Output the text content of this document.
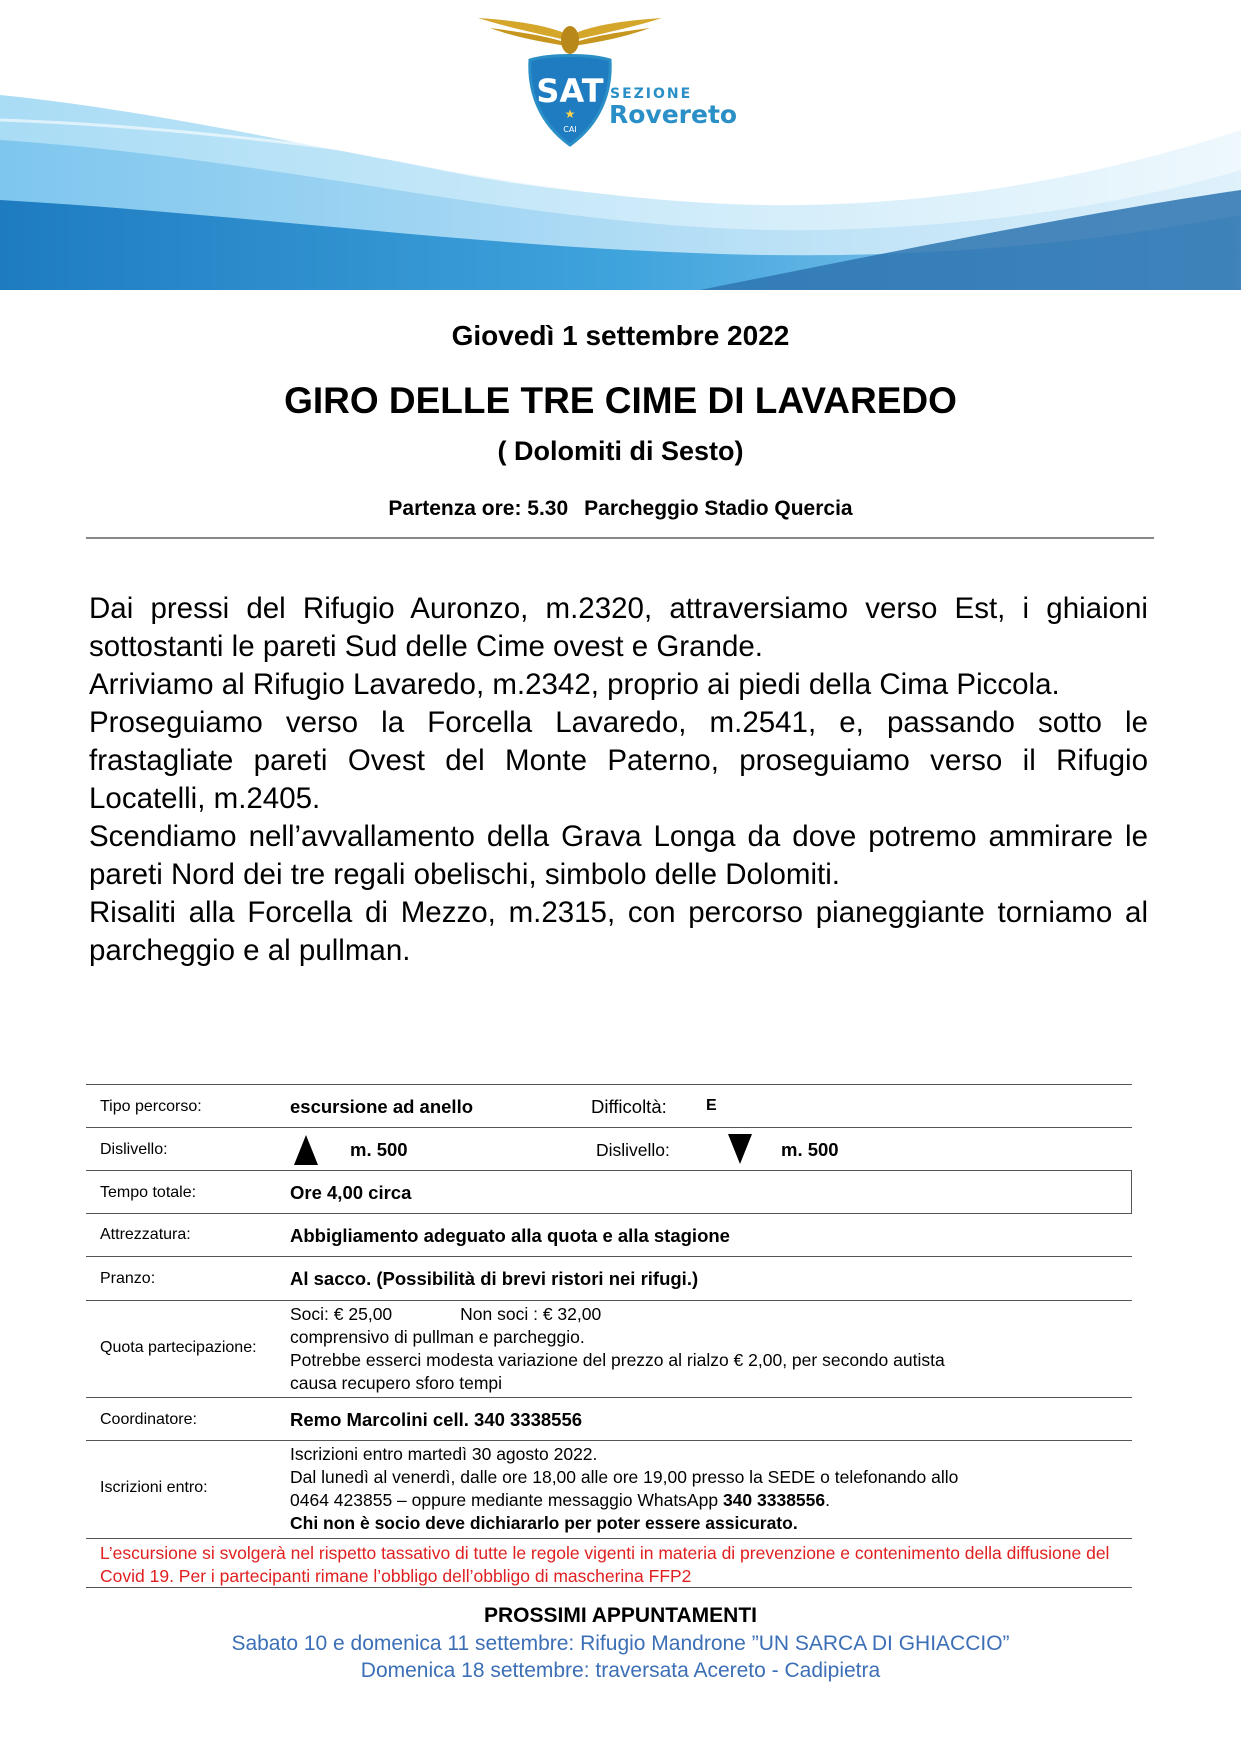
SAT
★
CAI
SEZIONE
Rovereto
Giovedì 1 settembre 2022
GIRO DELLE TRE CIME DI LAVAREDO
( Dolomiti di Sesto)
Partenza ore: 5.30 Parcheggio Stadio Quercia

Dai pressi del Rifugio Auronzo, m.2320, attraversiamo verso Est, i ghiaioni sottostanti le pareti Sud delle Cime ovest e Grande.

Arriviamo al Rifugio Lavaredo, m.2342, proprio ai piedi della Cima Piccola.

Proseguiamo verso la Forcella Lavaredo, m.2541, e, passando sotto le frastagliate pareti Ovest del Monte Paterno, proseguiamo verso il Rifugio Locatelli, m.2405.

Scendiamo nell’avvallamento della Grava Longa da dove potremo ammirare le pareti Nord dei tre regali obelischi, simbolo delle Dolomiti.

Risaliti alla Forcella di Mezzo, m.2315, con percorso pianeggiante torniamo al parcheggio e al pullman.

Tipo percorso:	escursione ad anello	Difficoltà: E
Dislivello:	m. 500	Dislivello:	m. 500
Tempo totale:	Ore 4,00 circa
Attrezzatura:	Abbigliamento adeguato alla quota e alla stagione
Pranzo:	Al sacco. (Possibilità di brevi ristori nei rifugi.)
Quota partecipazione:
Soci: € 25,00	Non soci : € 32,00
comprensivo di pullman e parcheggio.
Potrebbe esserci modesta variazione del prezzo al rialzo € 2,00, per secondo autista
causa recupero sforo tempi
Coordinatore:	Remo Marcolini cell. 340 3338556
Iscrizioni entro:
Iscrizioni entro martedì 30 agosto 2022.
Dal lunedì al venerdì, dalle ore 18,00 alle ore 19,00 presso la SEDE o telefonando allo
0464 423855 – oppure mediante messaggio WhatsApp 340 3338556.
Chi non è socio deve dichiararlo per poter essere assicurato.
L’escursione si svolgerà nel rispetto tassativo di tutte le regole vigenti in materia di prevenzione e contenimento della diffusione del Covid 19. Per i partecipanti rimane l’obbligo dell’obbligo di mascherina FFP2
PROSSIMI APPUNTAMENTI
Sabato 10 e domenica 11 settembre: Rifugio Mandrone ”UN SARCA DI GHIACCIO”
Domenica 18 settembre: traversata Acereto - Cadipietra
